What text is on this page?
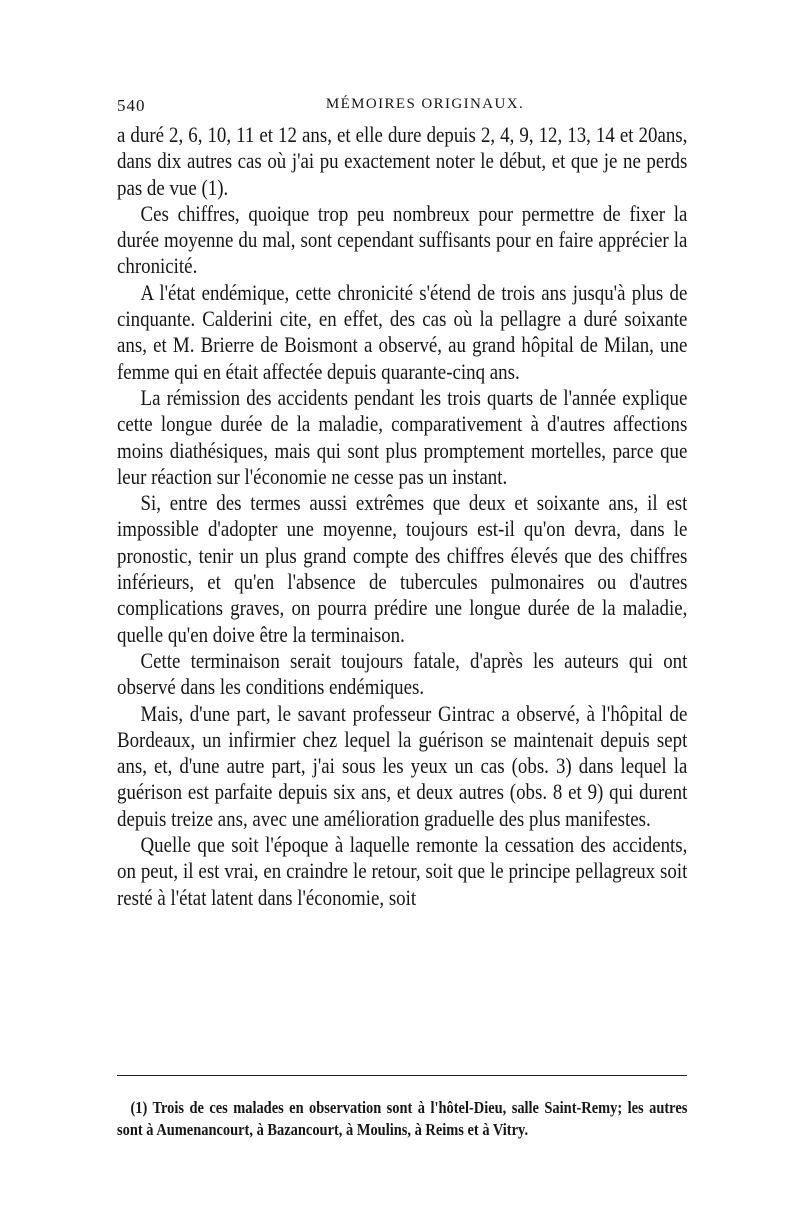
540	MÉMOIRES ORIGINAUX.

a duré 2, 6, 10, 11 et 12 ans, et elle dure depuis 2, 4, 9, 12, 13, 14 et 20ans, dans dix autres cas où j'ai pu exactement noter le début, et que je ne perds pas de vue (1).

Ces chiffres, quoique trop peu nombreux pour permettre de fixer la durée moyenne du mal, sont cependant suffisants pour en faire apprécier la chronicité.

A l'état endémique, cette chronicité s'étend de trois ans jusqu'à plus de cinquante. Calderini cite, en effet, des cas où la pellagre a duré soixante ans, et M. Brierre de Boismont a observé, au grand hôpital de Milan, une femme qui en était affectée depuis quarante-cinq ans.

La rémission des accidents pendant les trois quarts de l'année explique cette longue durée de la maladie, comparativement à d'autres affections moins diathésiques, mais qui sont plus promptement mortelles, parce que leur réaction sur l'économie ne cesse pas un instant.

Si, entre des termes aussi extrêmes que deux et soixante ans, il est impossible d'adopter une moyenne, toujours est-il qu'on devra, dans le pronostic, tenir un plus grand compte des chiffres élevés que des chiffres inférieurs, et qu'en l'absence de tubercules pulmonaires ou d'autres complications graves, on pourra prédire une longue durée de la maladie, quelle qu'en doive être la terminaison.

Cette terminaison serait toujours fatale, d'après les auteurs qui ont observé dans les conditions endémiques.

Mais, d'une part, le savant professeur Gintrac a observé, à l'hôpital de Bordeaux, un infirmier chez lequel la guérison se maintenait depuis sept ans, et, d'une autre part, j'ai sous les yeux un cas (obs. 3) dans lequel la guérison est parfaite depuis six ans, et deux autres (obs. 8 et 9) qui durent depuis treize ans, avec une amélioration graduelle des plus manifestes.

Quelle que soit l'époque à laquelle remonte la cessation des accidents, on peut, il est vrai, en craindre le retour, soit que le principe pellagreux soit resté à l'état latent dans l'économie, soit

(1) Trois de ces malades en observation sont à l'hôtel-Dieu, salle Saint-Remy; les autres sont à Aumenancourt, à Bazancourt, à Moulins, à Reims et à Vitry.
